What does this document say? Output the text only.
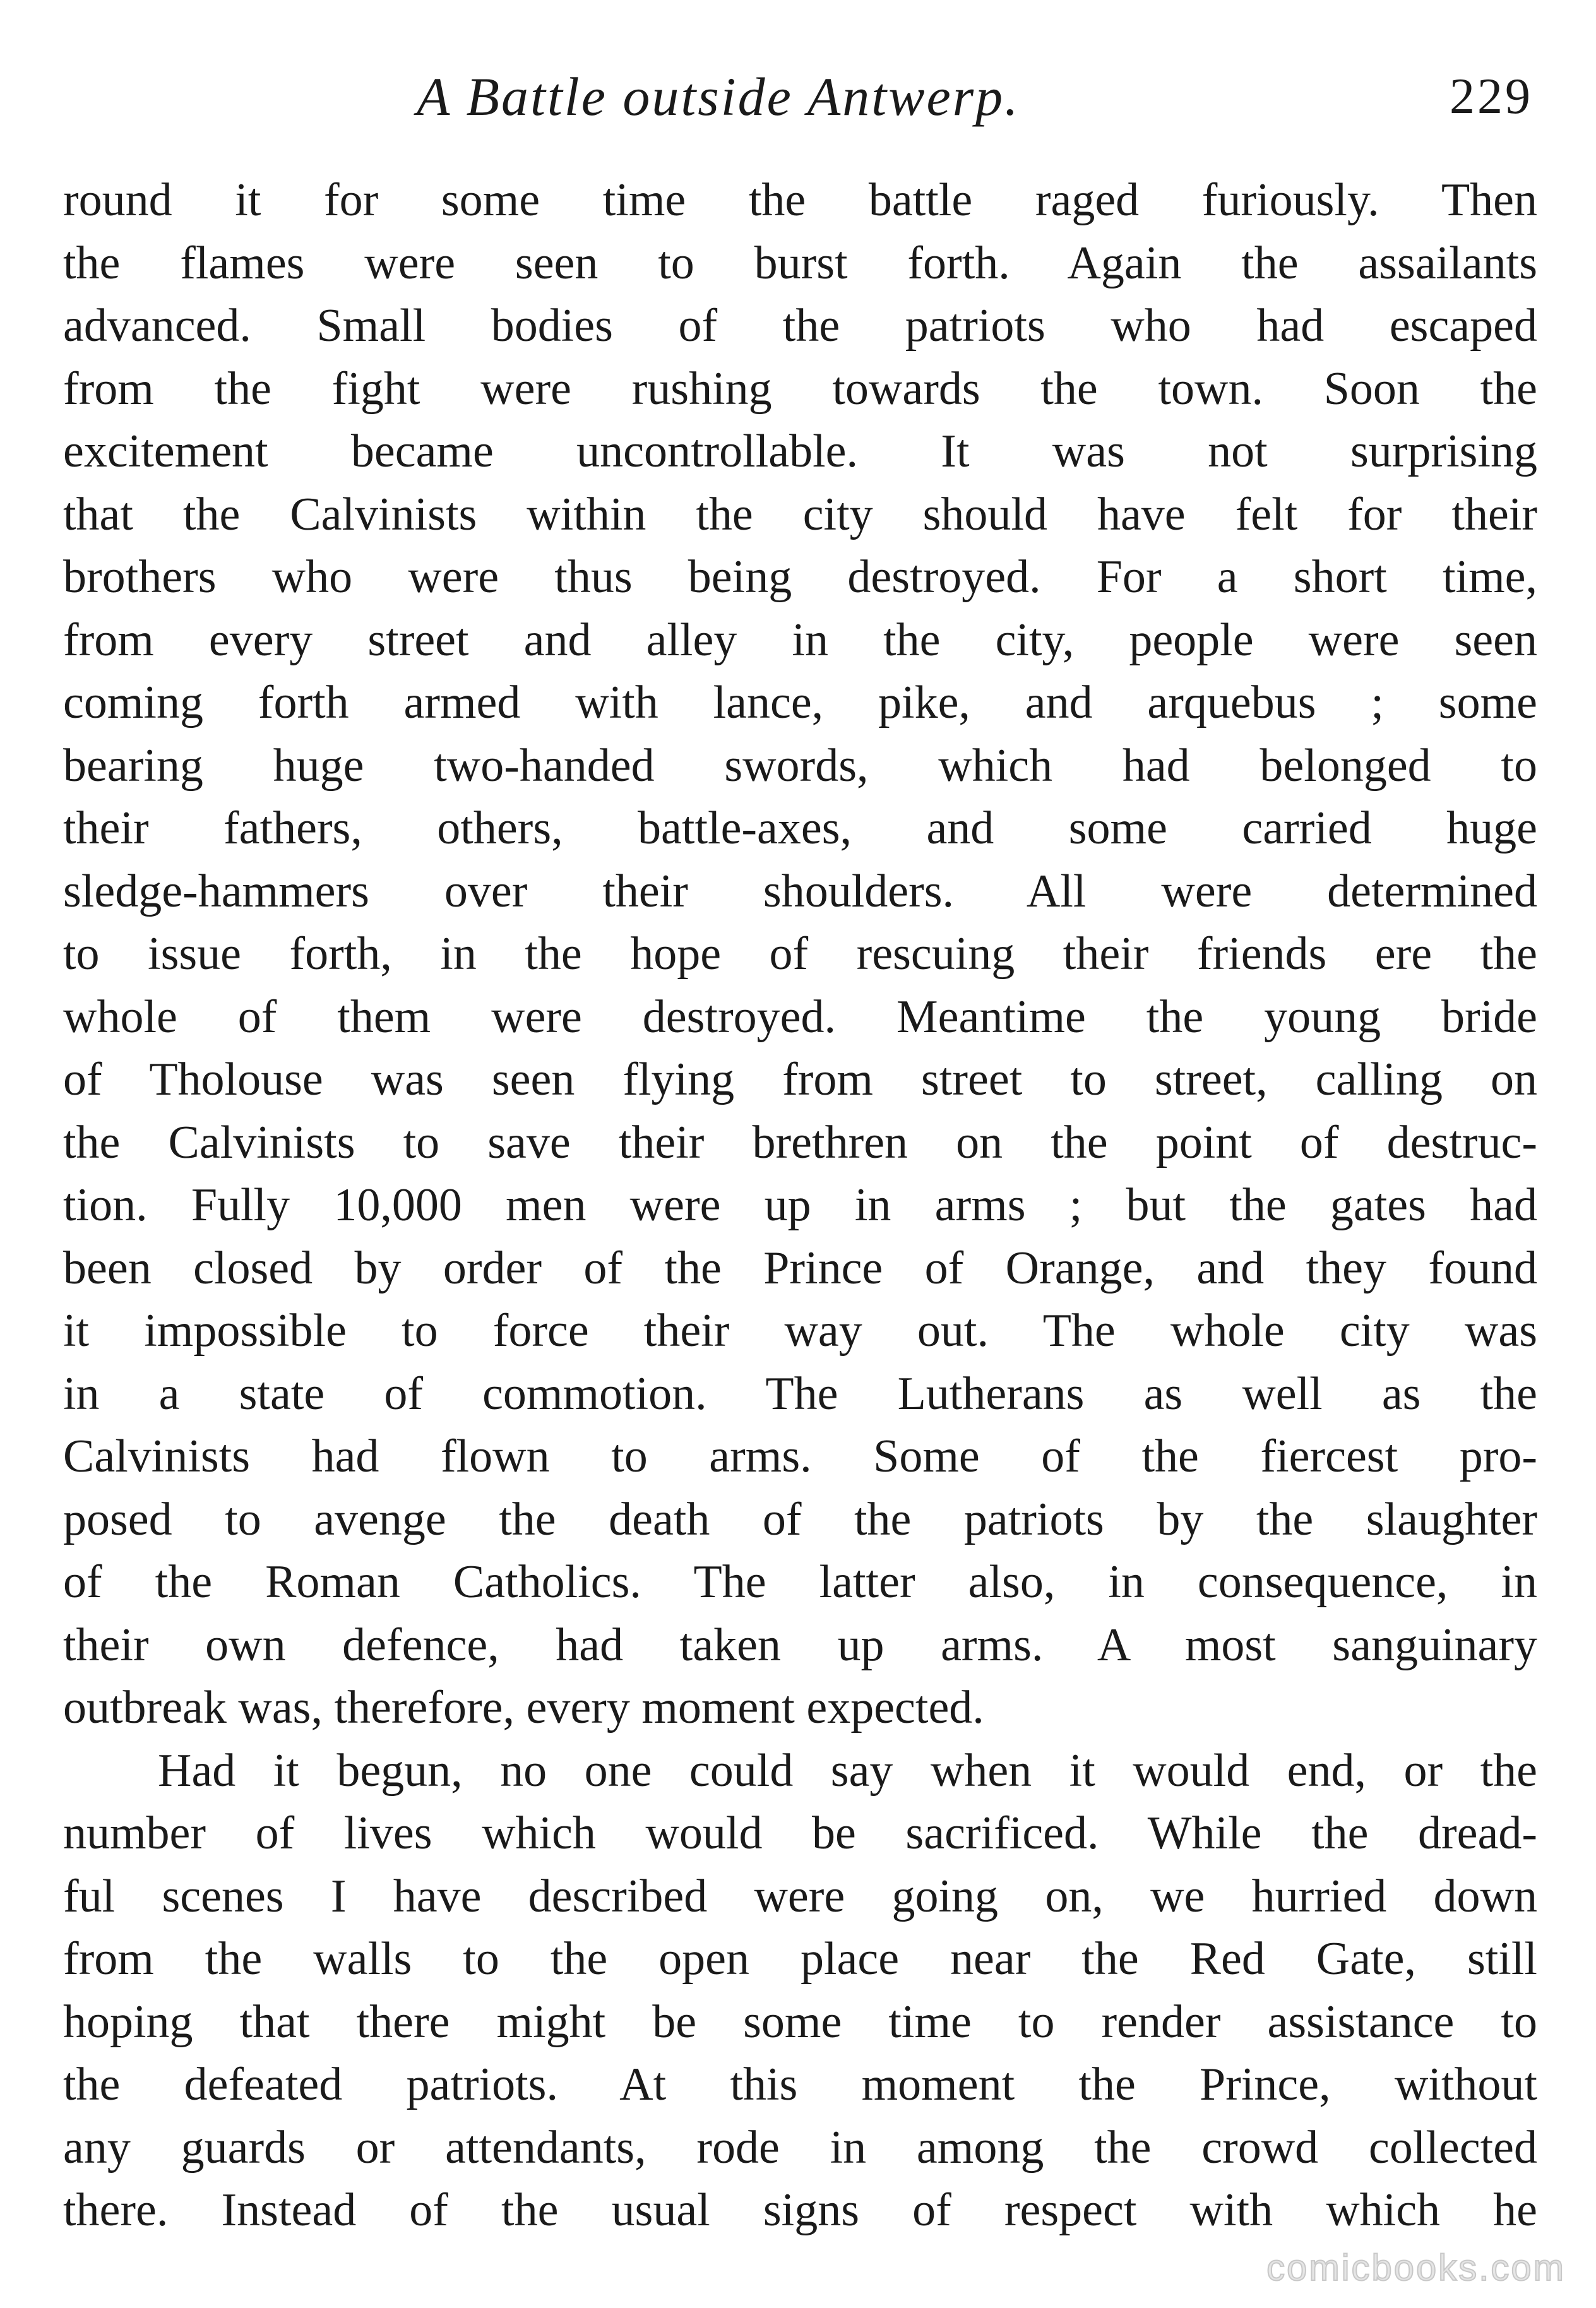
A Battle outside Antwerp.	229
round it for some time the battle raged furiously. Then
the flames were seen to burst forth. Again the assailants
advanced. Small bodies of the patriots who had escaped
from the fight were rushing towards the town. Soon the
excitement became uncontrollable. It was not surprising
that the Calvinists within the city should have felt for their
brothers who were thus being destroyed. For a short time,
from every street and alley in the city, people were seen
coming forth armed with lance, pike, and arquebus ; some
bearing huge two-handed swords, which had belonged to
their fathers, others, battle-axes, and some carried huge
sledge-hammers over their shoulders. All were determined
to issue forth, in the hope of rescuing their friends ere the
whole of them were destroyed. Meantime the young bride
of Tholouse was seen flying from street to street, calling on
the Calvinists to save their brethren on the point of destruc-
tion. Fully 10,000 men were up in arms ; but the gates had
been closed by order of the Prince of Orange, and they found
it impossible to force their way out. The whole city was
in a state of commotion. The Lutherans as well as the
Calvinists had flown to arms. Some of the fiercest pro-
posed to avenge the death of the patriots by the slaughter
of the Roman Catholics. The latter also, in consequence, in
their own defence, had taken up arms. A most sanguinary
outbreak was, therefore, every moment expected.
Had it begun, no one could say when it would end, or the
number of lives which would be sacrificed. While the dread-
ful scenes I have described were going on, we hurried down
from the walls to the open place near the Red Gate, still
hoping that there might be some time to render assistance to
the defeated patriots. At this moment the Prince, without
any guards or attendants, rode in among the crowd collected
there. Instead of the usual signs of respect with which he
comicbooks.com
